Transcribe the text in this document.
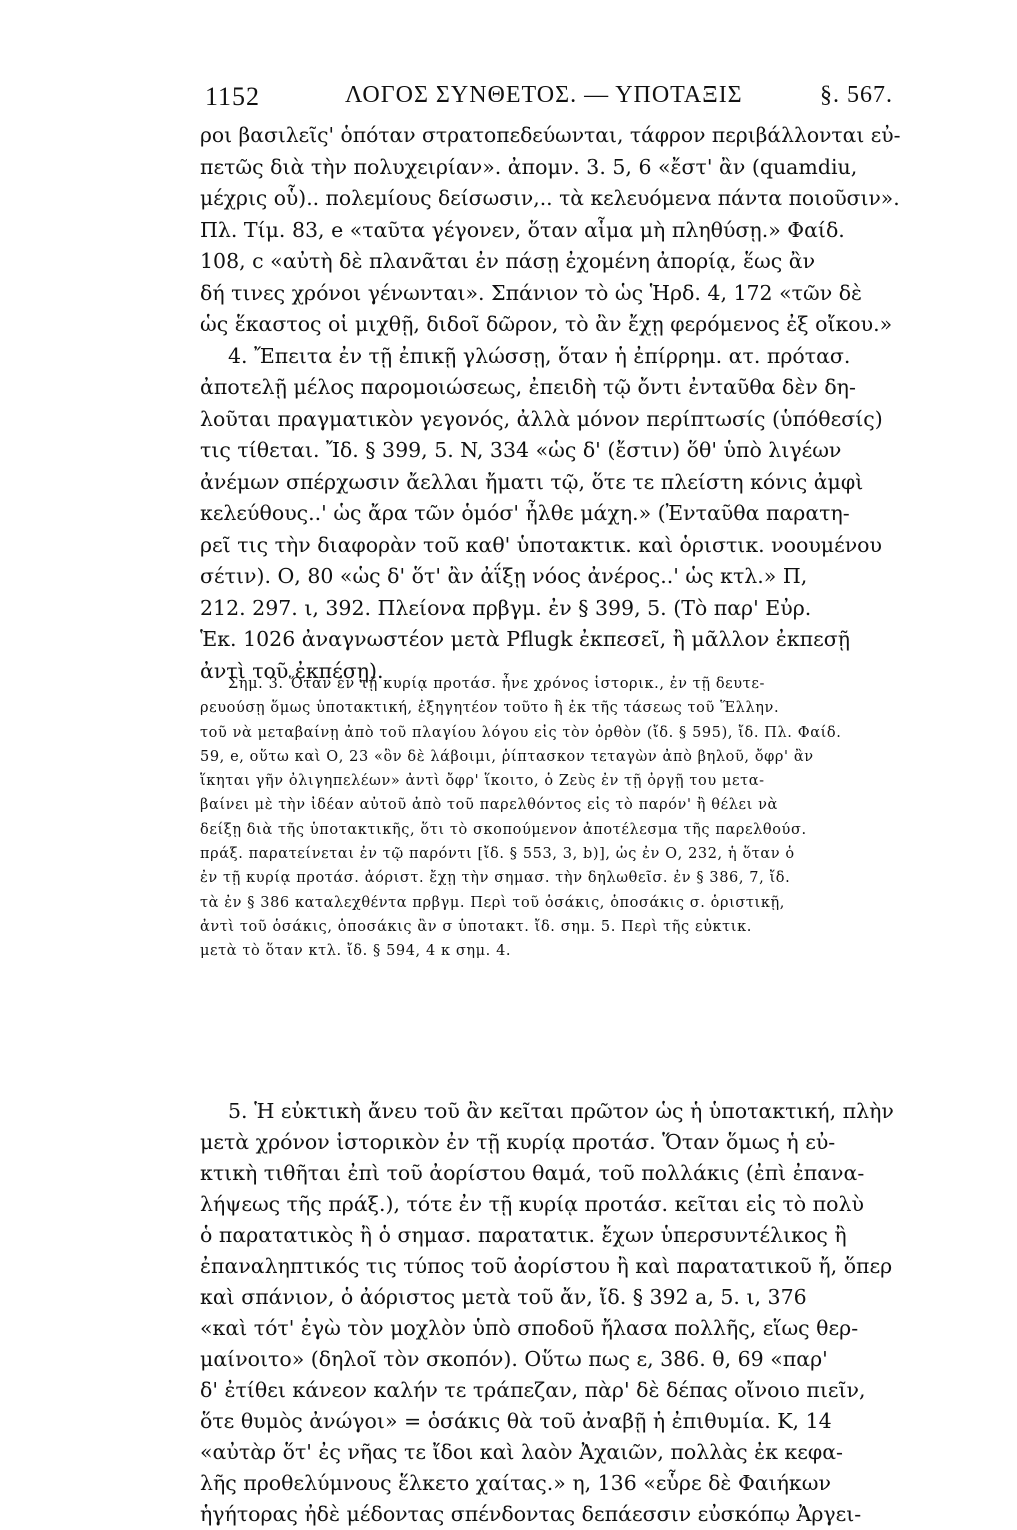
1152	ΛΟΓΟΣ ΣΥΝΘΕΤΟΣ. — ΥΠΟΤΑΞΙΣ	§. 567.
ροι βασιλεῖς' ὁπόταν στρατοπεδεύωνται, τάφρον περιβάλλονται εὐ-
πετῶς διὰ τὴν πολυχειρίαν». ἀπομν. 3. 5, 6 «ἔστ' ἂν (quamdiu,
μέχρις οὗ).. πολεμίους δείσωσιν,.. τὰ κελευόμενα πάντα ποιοῦσιν».
Πλ. Τίμ. 83, e «ταῦτα γέγονεν, ὅταν αἷμα μὴ πληθύσῃ.» Φαίδ.
108, c «αὐτὴ δὲ πλανᾶται ἐν πάσῃ ἐχομένη ἀπορίᾳ, ἕως ἂν
δή τινες χρόνοι γένωνται». Σπάνιον τὸ ὡς Ἡρδ. 4, 172 «τῶν δὲ
ὡς ἕκαστος οἱ μιχθῇ, διδοῖ δῶρον, τὸ ἂν ἔχῃ φερόμενος ἐξ οἴκου.»
4. Ἔπειτα ἐν τῇ ἐπικῇ γλώσσῃ, ὅταν ἡ ἐπίρρημ. ατ. πρότασ.
ἀποτελῇ μέλος παρομοιώσεως, ἐπειδὴ τῷ ὄντι ἐνταῦθα δὲν δη-
λοῦται πραγματικὸν γεγονός, ἀλλὰ μόνον περίπτωσίς (ὑπόθεσίς)
τις τίθεται. Ἴδ. § 399, 5. N, 334 «ὡς δ' (ἔστιν) ὅθ' ὑπὸ λιγέων
ἀνέμων σπέρχωσιν ἄελλαι ἤματι τῷ, ὅτε τε πλείστη κόνις ἀμφὶ
κελεύθους..' ὡς ἄρα τῶν ὁμόσ' ἦλθε μάχη.» (Ἐνταῦθα παρατη-
ρεῖ τις τὴν διαφορὰν τοῦ καθ' ὑποτακτικ. καὶ ὁριστικ. νοουμένου
σέτιν). Ο, 80 «ὡς δ' ὅτ' ἂν ἀΐξῃ νόος ἀνέρος..' ὡς κτλ.» Π,
212. 297. ι, 392. Πλείονα πρβγμ. ἐν § 399, 5. (Τὸ παρ' Εὐρ.
Ἑκ. 1026 ἀναγνωστέον μετὰ Pflugk ἐκπεσεῖ, ἢ μᾶλλον ἐκπεσῇ
ἀντὶ τοῦ ἐκπέσῃ).
Σημ. 3. Ὅταν ἐν τῇ κυρίᾳ προτάσ. ἦνε χρόνος ἱστορικ., ἐν τῇ δευτε-
ρευούσῃ ὅμως ὑποτακτική, ἐξηγητέον τοῦτο ἢ ἐκ τῆς τάσεως τοῦ Ἕλλην.
τοῦ νὰ μεταβαίνῃ ἀπὸ τοῦ πλαγίου λόγου εἰς τὸν ὀρθὸν (ἴδ. § 595), ἴδ. Πλ. Φαίδ.
59, e, οὕτω καὶ Ο, 23 «ὃν δὲ λάβοιμι, ῥίπτασκον τεταγὼν ἀπὸ βηλοῦ, ὄφρ' ἂν
ἵκηται γῆν ὀλιγηπελέων» ἀντὶ ὄφρ' ἵκοιτο, ὁ Ζεὺς ἐν τῇ ὀργῇ του μετα-
βαίνει μὲ τὴν ἰδέαν αὐτοῦ ἀπὸ τοῦ παρελθόντος εἰς τὸ παρόν' ἢ θέλει νὰ
δείξῃ διὰ τῆς ὑποτακτικῆς, ὅτι τὸ σκοπούμενον ἀποτέλεσμα τῆς παρελθούσ.
πράξ. παρατείνεται ἐν τῷ παρόντι [ἴδ. § 553, 3, b)], ὡς ἐν Ο, 232, ἡ ὅταν ὁ
ἐν τῇ κυρίᾳ προτάσ. ἀόριστ. ἔχῃ τὴν σημασ. τὴν δηλωθεῖσ. ἐν § 386, 7, ἴδ.
τὰ ἐν § 386 καταλεχθέντα πρβγμ. Περὶ τοῦ ὁσάκις, ὁποσάκις σ. ὁριστικῇ,
ἀντὶ τοῦ ὁσάκις, ὁποσάκις ἂν σ ὑποτακτ. ἴδ. σημ. 5. Περὶ τῆς εὐκτικ.
μετὰ τὸ ὅταν κτλ. ἴδ. § 594, 4 κ σημ. 4.
5. Ἡ εὐκτικὴ ἄνευ τοῦ ἂν κεῖται πρῶτον ὡς ἡ ὑποτακτική, πλὴν
μετὰ χρόνον ἱστορικὸν ἐν τῇ κυρίᾳ προτάσ. Ὅταν ὅμως ἡ εὐ-
κτικὴ τιθῆται ἐπὶ τοῦ ἀορίστου θαμά, τοῦ πολλάκις (ἐπὶ ἐπανα-
λήψεως τῆς πράξ.), τότε ἐν τῇ κυρίᾳ προτάσ. κεῖται εἰς τὸ πολὺ
ὁ παρατατικὸς ἢ ὁ σημασ. παρατατικ. ἔχων ὑπερσυντέλικος ἢ
ἐπαναληπτικός τις τύπος τοῦ ἀορίστου ἢ καὶ παρατατικοῦ ἤ, ὅπερ
καὶ σπάνιον, ὁ ἀόριστος μετὰ τοῦ ἄν, ἴδ. § 392 a, 5. ι, 376
«καὶ τότ' ἐγὼ τὸν μοχλὸν ὑπὸ σποδοῦ ἤλασα πολλῆς, εἵως θερ-
μαίνοιτο» (δηλοῖ τὸν σκοπόν). Οὕτω πως ε, 386. θ, 69 «παρ'
δ' ἐτίθει κάνεον καλήν τε τράπεζαν, πὰρ' δὲ δέπας οἴνοιο πιεῖν,
ὅτε θυμὸς ἀνώγοι» = ὁσάκις θὰ τοῦ ἀναβῇ ἡ ἐπιθυμία. Κ, 14
«αὐτὰρ ὅτ' ἐς νῆας τε ἴδοι καὶ λαὸν Ἀχαιῶν, πολλὰς ἐκ κεφα-
λῆς προθελύμνους ἕλκετο χαίτας.» η, 136 «εὗρε δὲ Φαιήκων
ἡγήτορας ἠδὲ μέδοντας σπένδοντας δεπάεσσιν εὐσκόπῳ Ἀργει-
